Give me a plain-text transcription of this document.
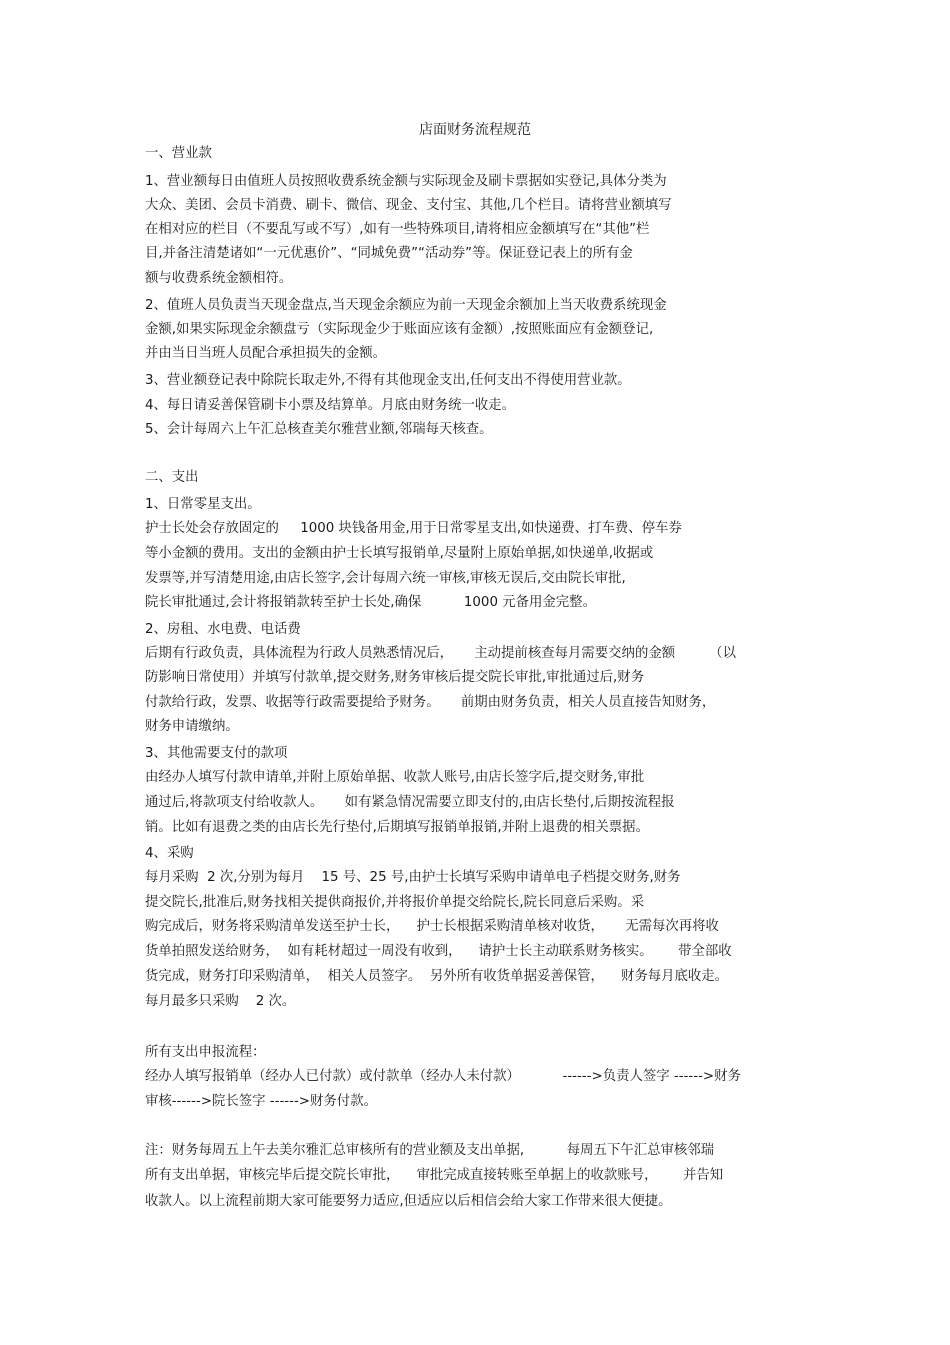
店面财务流程规范

一、营业款

1、营业额每日由值班人员按照收费系统金额与实际现金及刷卡票据如实登记,具体分类为

大众、美团、会员卡消费、刷卡、微信、现金、支付宝、其他,几个栏目。请将营业额填写

在相对应的栏目（不要乱写或不写）,如有一些特殊项目,请将相应金额填写在“其他”栏

目,并备注清楚诸如“一元优惠价”、“同城免费”“活动券”等。保证登记表上的所有金

额与收费系统金额相符。

2、值班人员负责当天现金盘点,当天现金余额应为前一天现金余额加上当天收费系统现金

金额,如果实际现金余额盘亏（实际现金少于账面应该有金额）,按照账面应有金额登记,

并由当日当班人员配合承担损失的金额。

3、营业额登记表中除院长取走外,不得有其他现金支出,任何支出不得使用营业款。

4、每日请妥善保管刷卡小票及结算单。月底由财务统一收走。

5、会计每周六上午汇总核查美尔雅营业额,邻瑞每天核查。

二、支出

1、日常零星支出。

护士长处会存放固定的     1000 块钱备用金,用于日常零星支出,如快递费、打车费、停车券

等小金额的费用。支出的金额由护士长填写报销单,尽量附上原始单据,如快递单,收据或

发票等,并写清楚用途,由店长签字,会计每周六统一审核,审核无误后,交由院长审批,

院长审批通过,会计将报销款转至护士长处,确保          1000 元备用金完整。

2、房租、水电费、电话费

后期有行政负责，具体流程为行政人员熟悉情况后，     主动提前核查每月需要交纳的金额        （以

防影响日常使用）并填写付款单,提交财务,财务审核后提交院长审批,审批通过后,财务

付款给行政，发票、收据等行政需要提给予财务。     前期由财务负责，相关人员直接告知财务，

财务申请缴纳。

3、其他需要支付的款项

由经办人填写付款申请单,并附上原始单据、收款人账号,由店长签字后,提交财务,审批

通过后,将款项支付给收款人。     如有紧急情况需要立即支付的,由店长垫付,后期按流程报

销。比如有退费之类的由店长先行垫付,后期填写报销单报销,并附上退费的相关票据。

4、采购

每月采购  2 次,分别为每月    15 号、25 号,由护士长填写采购申请单电子档提交财务,财务

提交院长,批准后,财务找相关提供商报价,并将报价单提交给院长,院长同意后采购。采

购完成后，财务将采购清单发送至护士长，    护士长根据采购清单核对收货，     无需每次再将收

货单拍照发送给财务，  如有耗材超过一周没有收到，    请护士长主动联系财务核实。      带全部收

货完成，财务打印采购清单，  相关人员签字。  另外所有收货单据妥善保管，    财务每月底收走。

每月最多只采购    2 次。

所有支出申报流程：

经办人填写报销单（经办人已付款）或付款单（经办人未付款）          ------>负责人签字 ------>财务

审核------>院长签字 ------>财务付款。

注：财务每周五上午去美尔雅汇总审核所有的营业额及支出单据,          每周五下午汇总审核邻瑞

所有支出单据，审核完毕后提交院长审批，    审批完成直接转账至单据上的收款账号，      并告知

收款人。以上流程前期大家可能要努力适应,但适应以后相信会给大家工作带来很大便捷。
